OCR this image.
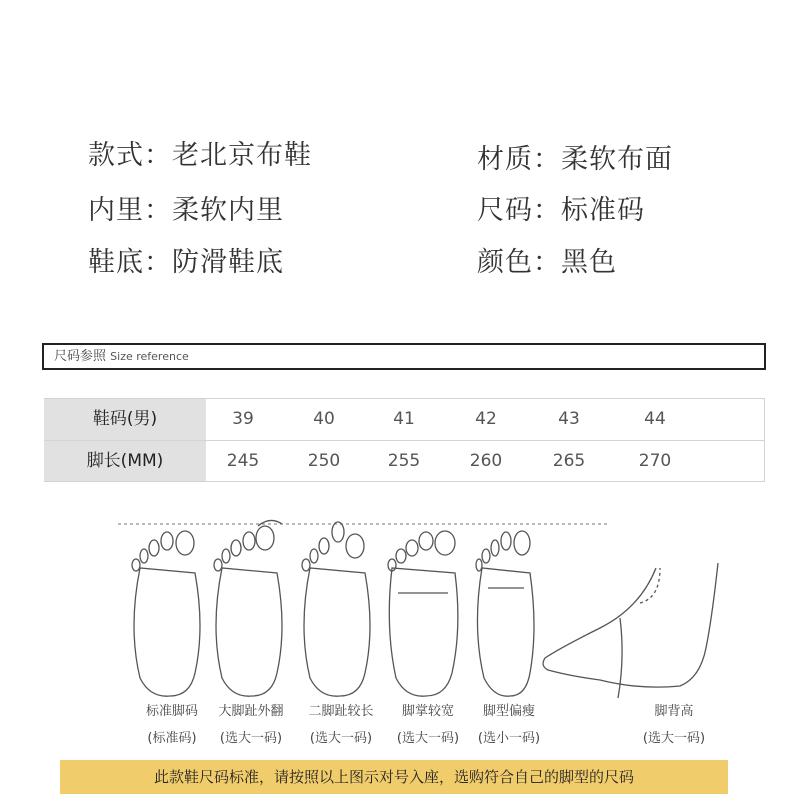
款式：老北京布鞋	材质：柔软布面
内里：柔软内里	尺码：标准码
鞋底：防滑鞋底	颜色：黑色
尺码参照 Size reference
鞋码(男)	39	40	41	42	43	44
脚长(MM)	245	250	255	260	265	270
标准脚码
(标准码)
大脚趾外翻
(选大一码)
二脚趾较长
(选大一码)
脚掌较宽
(选大一码)
脚型偏瘦
(选小一码)
脚背高
(选大一码)
此款鞋尺码标准，请按照以上图示对号入座，选购符合自己的脚型的尺码
